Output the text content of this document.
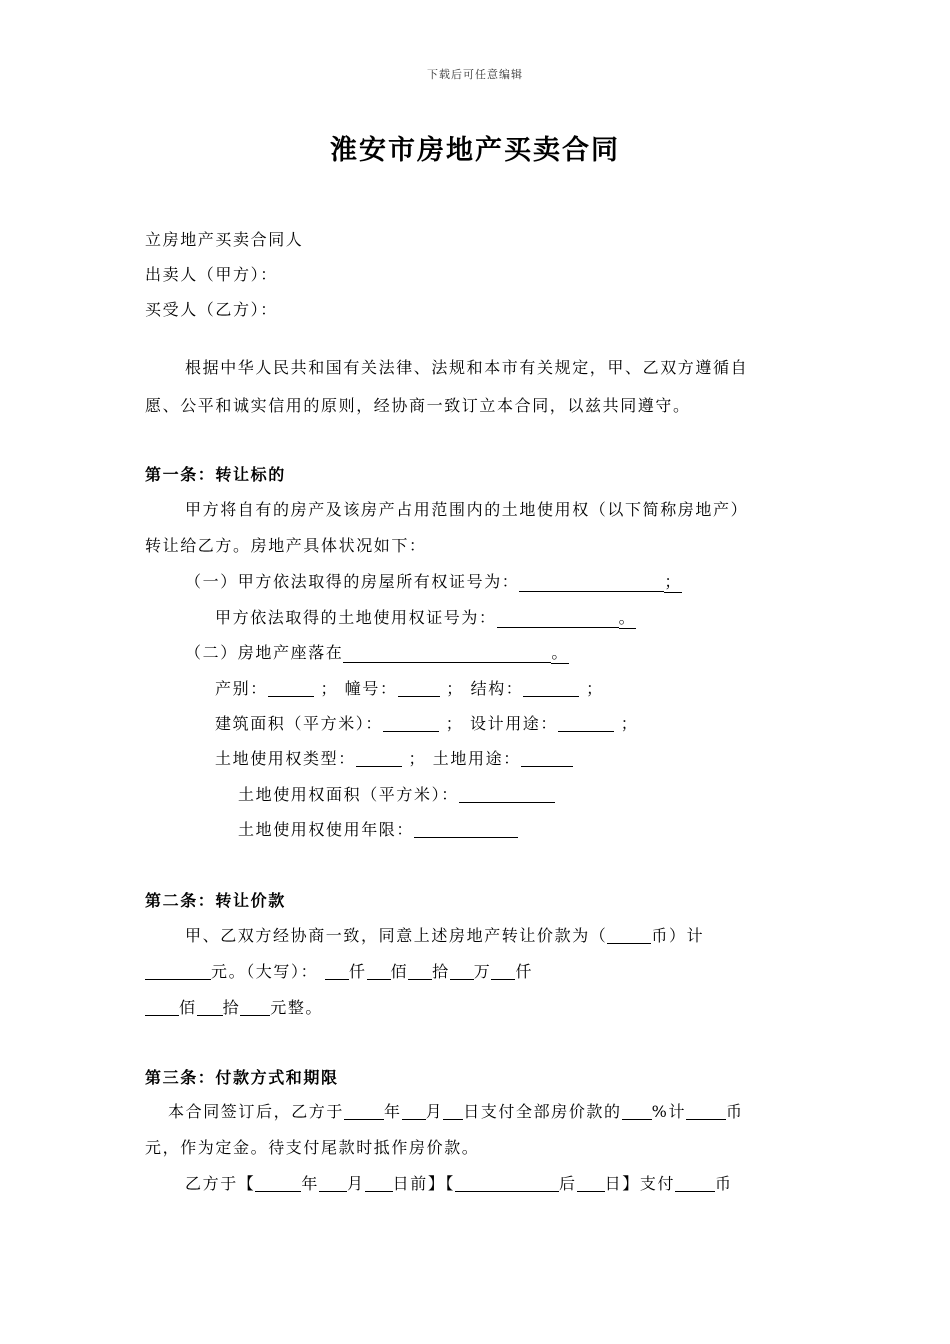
下载后可任意编辑
淮安市房地产买卖合同
立房地产买卖合同人
出卖人（甲方）：
买受人（乙方）：
根据中华人民共和国有关法律、法规和本市有关规定，甲、乙双方遵循自
愿、公平和诚实信用的原则，经协商一致订立本合同，以兹共同遵守。
第一条：转让标的
甲方将自有的房产及该房产占用范围内的土地使用权（以下简称房地产）
转让给乙方。房地产具体状况如下：
（一）甲方依法取得的房屋所有权证号为：	；
甲方依法取得的土地使用权证号为：	。
（二）房地产座落在	。
产别：	； 幢号：	； 结构：	；
建筑面积（平方米）：	； 设计用途：	；
土地使用权类型：	； 土地用途：
土地使用权面积（平方米）：
土地使用权使用年限：
第二条：转让价款
甲、乙双方经协商一致，同意上述房地产转让价款为（	币）计
元。（大写）： 仟 佰 拾 万 仟
佰 拾 元整。
第三条：付款方式和期限
本合同签订后，乙方于	年 月 日支付全部房价款的 %计	币
元，作为定金。待支付尾款时抵作房价款。
乙方于【	年 月 日前】【	后 日】支付	币
